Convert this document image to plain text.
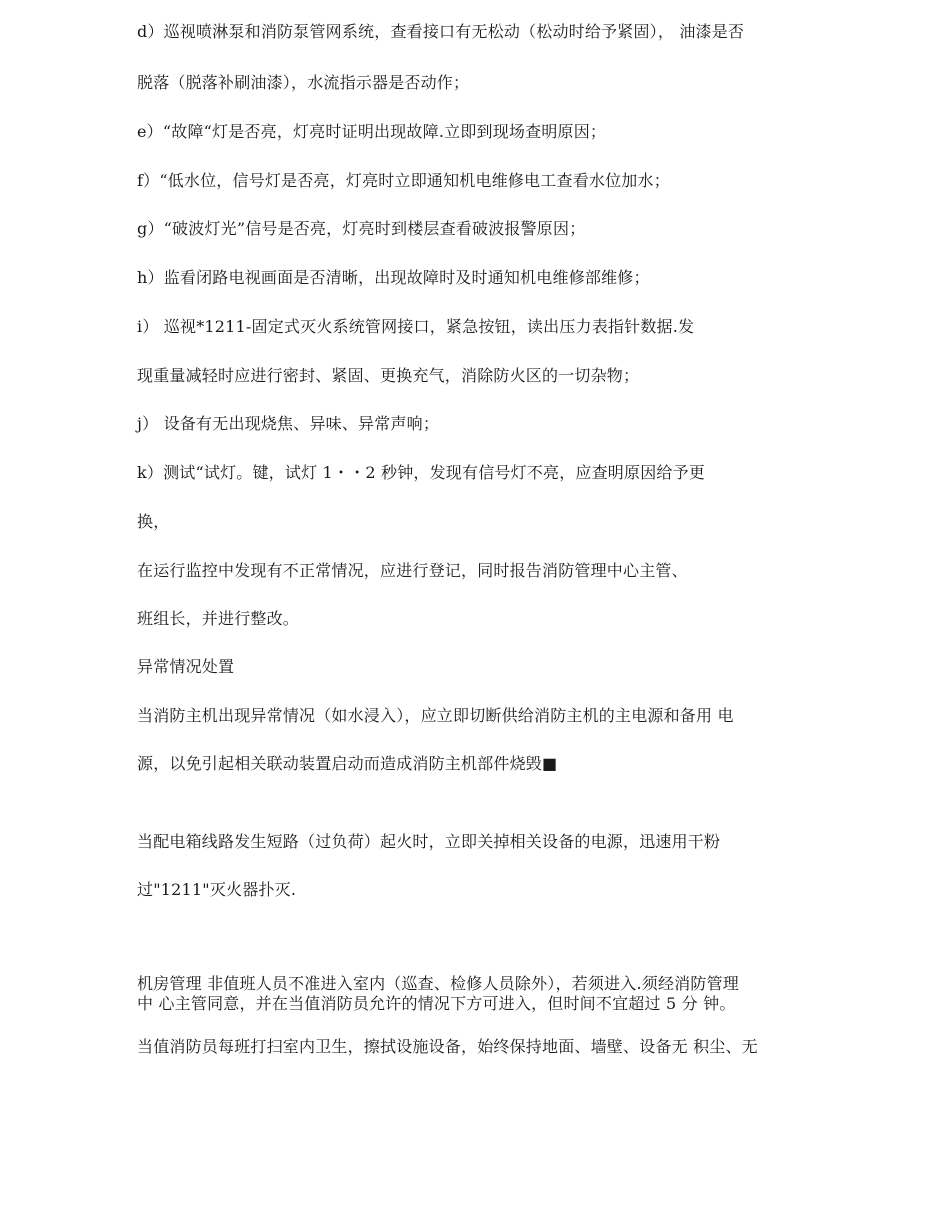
d）巡视喷淋泵和消防泵管网系统，查看接口有无松动（松动时给予紧固）， 油漆是否
脱落（脱落补刷油漆），水流指示器是否动作；
e）“故障“灯是否亮，灯亮时证明出现故障.立即到现场查明原因；
f）“低水位，信号灯是否亮，灯亮时立即通知机电维修电工查看水位加水；
g）“破波灯光”信号是否亮，灯亮时到楼层查看破波报警原因；
h）监看闭路电视画面是否清晰，出现故障时及时通知机电维修部维修；
i） 巡视*1211-固定式灭火系统管网接口，紧急按钮，读出压力表指针数据.发
现重量减轻时应进行密封、紧固、更换充气，消除防火区的一切杂物；
j） 设备有无出现烧焦、异味、异常声响；
k）测试“试灯。键，试灯 1・・2 秒钟，发现有信号灯不亮，应查明原因给予更
换，
在运行监控中发现有不正常情况，应进行登记，同时报告消防管理中心主管、
班组长，并进行整改。
异常情况处置
当消防主机出现异常情况（如水浸入），应立即切断供给消防主机的主电源和备用 电
源，以免引起相关联动装置启动而造成消防主机部件烧毁■
当配电箱线路发生短路（过负荷）起火时，立即关掉相关设备的电源，迅速用干粉
过"1211"灭火器扑灭.
机房管理 非值班人员不准进入室内（巡查、检修人员除外），若须进入.须经消防管理
中 心主管同意，并在当值消防员允许的情况下方可进入，但时间不宜超过 5 分 钟。
当值消防员每班打扫室内卫生，擦拭设施设备，始终保持地面、墙壁、设备无 积尘、无
